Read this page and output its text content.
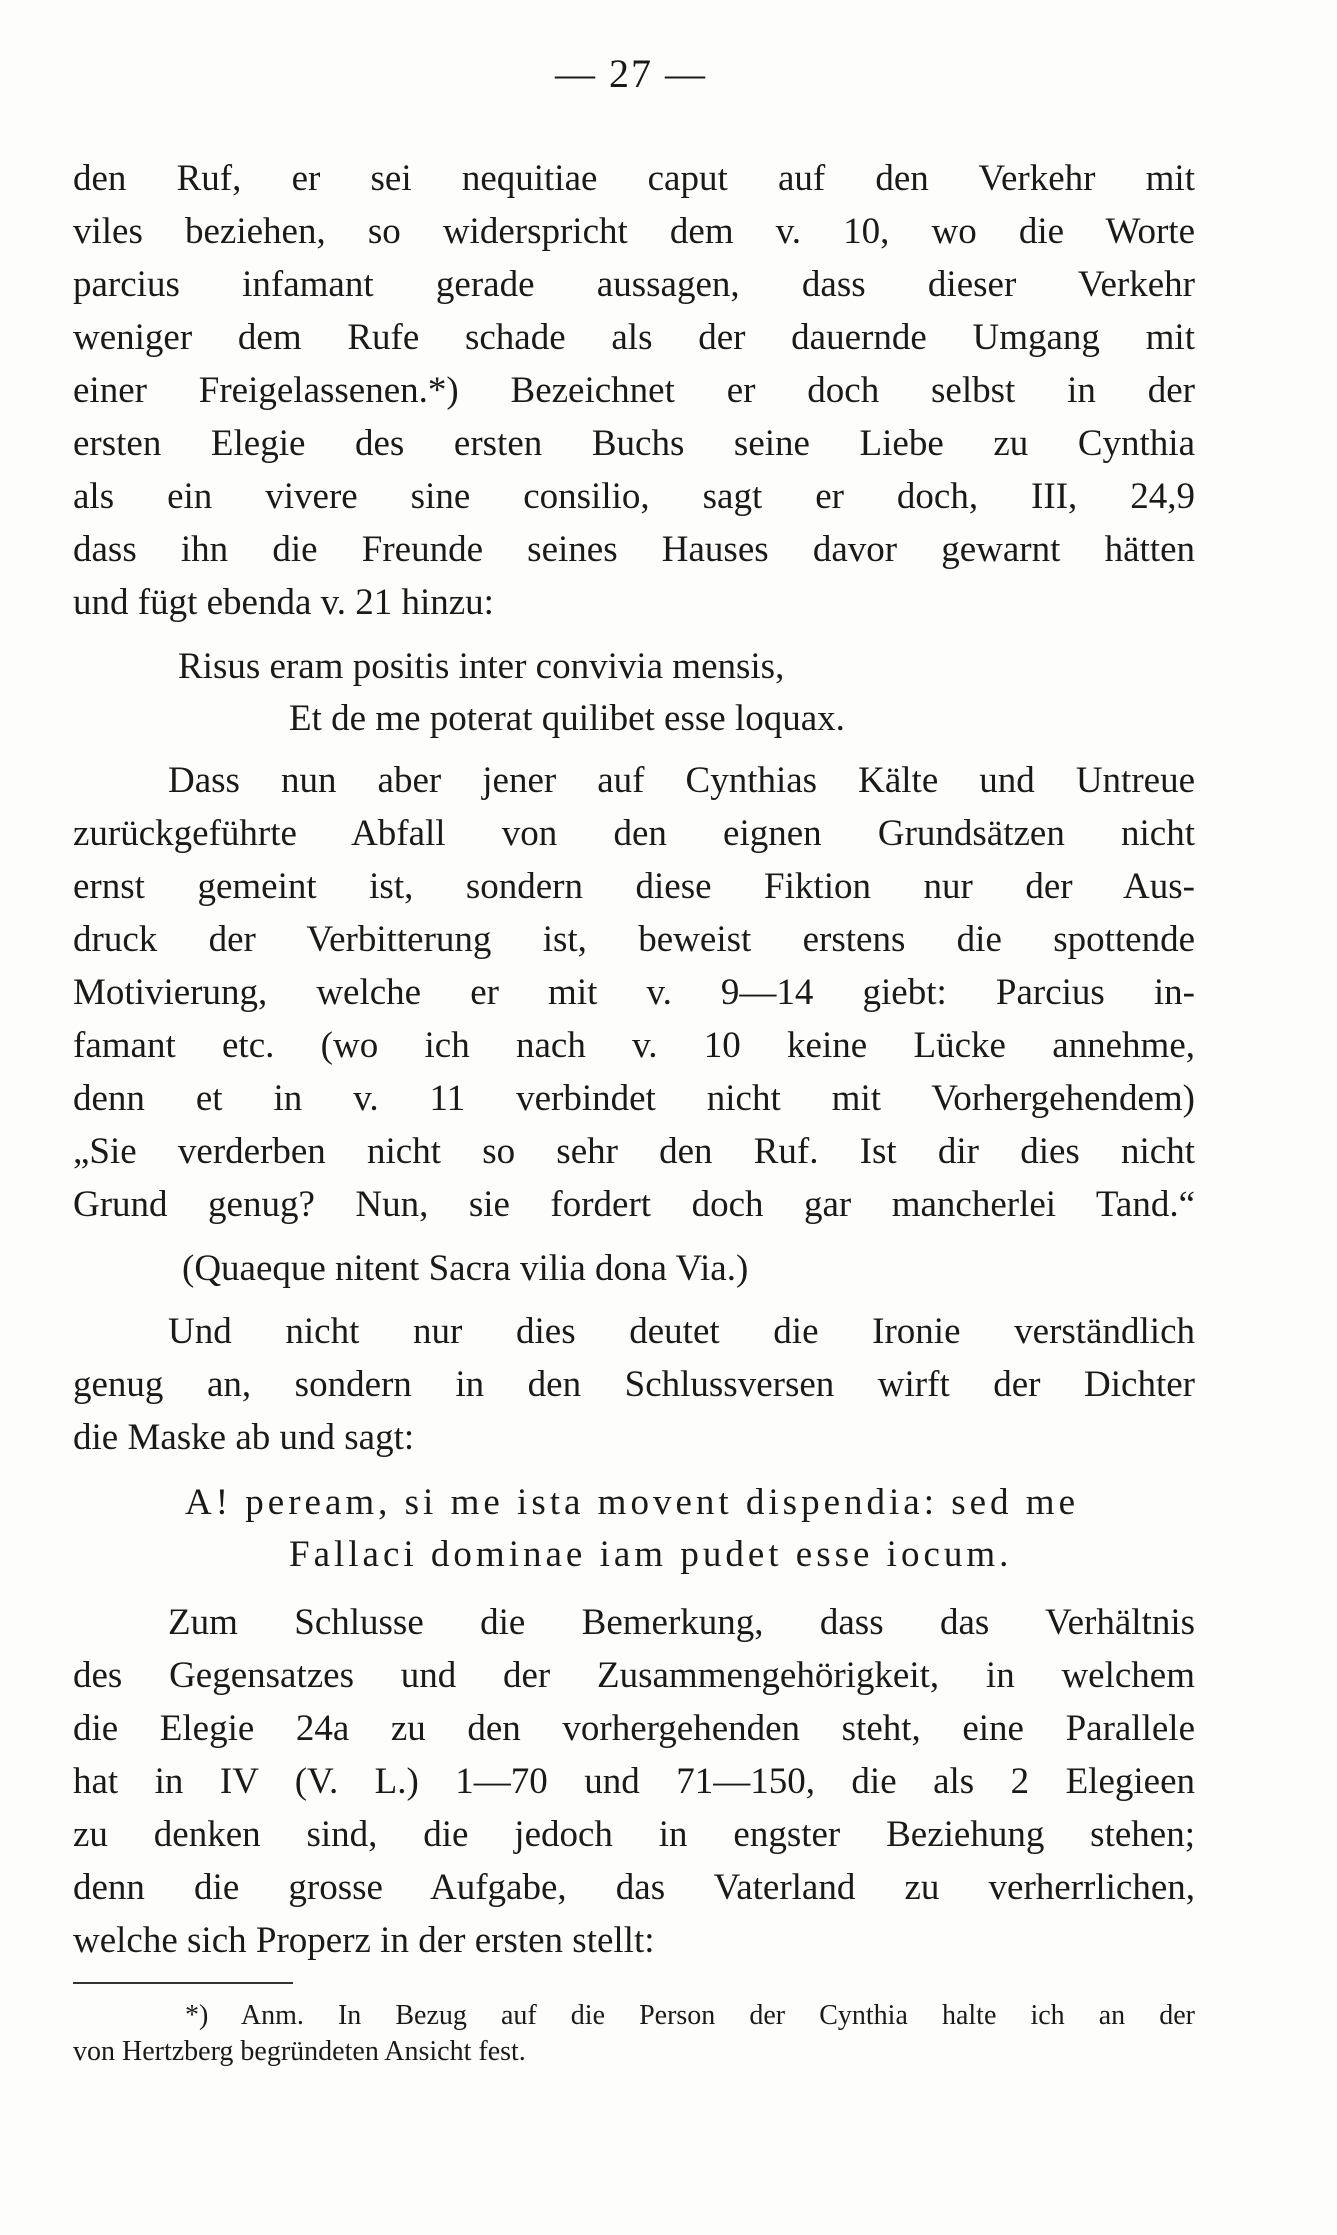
— 27 —
den Ruf, er sei nequitiae caput auf den Verkehr mit
viles beziehen, so widerspricht dem v. 10, wo die Worte
parcius infamant gerade aussagen, dass dieser Verkehr
weniger dem Rufe schade als der dauernde Umgang mit
einer Freigelassenen.*) Bezeichnet er doch selbst in der
ersten Elegie des ersten Buchs seine Liebe zu Cynthia
als ein vivere sine consilio, sagt er doch, III, 24,9
dass ihn die Freunde seines Hauses davor gewarnt hätten
und fügt ebenda v. 21 hinzu:
Risus eram positis inter convivia mensis,
Et de me poterat quilibet esse loquax.
Dass nun aber jener auf Cynthias Kälte und Untreue
zurückgeführte Abfall von den eignen Grundsätzen nicht
ernst gemeint ist, sondern diese Fiktion nur der Aus-
druck der Verbitterung ist, beweist erstens die spottende
Motivierung, welche er mit v. 9—14 giebt: Parcius in-
famant etc. (wo ich nach v. 10 keine Lücke annehme,
denn et in v. 11 verbindet nicht mit Vorhergehendem)
„Sie verderben nicht so sehr den Ruf. Ist dir dies nicht
Grund genug? Nun, sie fordert doch gar mancherlei Tand.“
(Quaeque nitent Sacra vilia dona Via.)
Und nicht nur dies deutet die Ironie verständlich
genug an, sondern in den Schlussversen wirft der Dichter
die Maske ab und sagt:
A! peream, si me ista movent dispendia: sed me
Fallaci dominae iam pudet esse iocum.
Zum Schlusse die Bemerkung, dass das Verhältnis
des Gegensatzes und der Zusammengehörigkeit, in welchem
die Elegie 24a zu den vorhergehenden steht, eine Parallele
hat in IV (V. L.) 1—70 und 71—150, die als 2 Elegieen
zu denken sind, die jedoch in engster Beziehung stehen;
denn die grosse Aufgabe, das Vaterland zu verherrlichen,
welche sich Properz in der ersten stellt:
*) Anm. In Bezug auf die Person der Cynthia halte ich an der
von Hertzberg begründeten Ansicht fest.
